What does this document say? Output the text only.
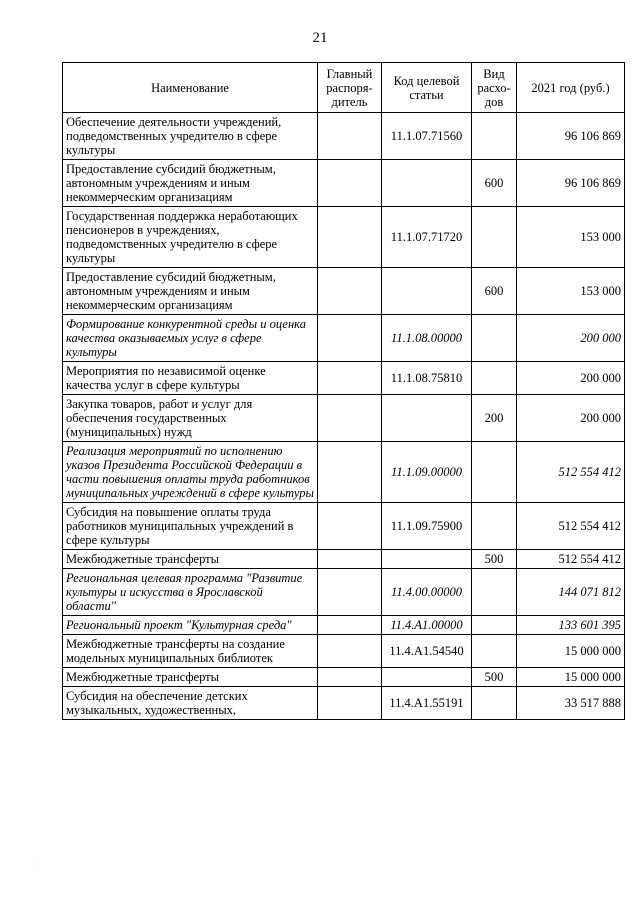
21
Наименование	Главный распоря-дитель	Код целевой статьи	Вид расхо-дов	2021 год (руб.)
Обеспечение деятельности учреждений, подведомственных учредителю в сфере культуры		11.1.07.71560		96 106 869
Предоставление субсидий бюджетным, автономным учреждениям и иным некоммерческим организациям			600	96 106 869
Государственная поддержка неработающих пенсионеров в учреждениях, подведомственных учредителю в сфере культуры		11.1.07.71720		153 000
Предоставление субсидий бюджетным, автономным учреждениям и иным некоммерческим организациям			600	153 000
Формирование конкурентной среды и оценка качества оказываемых услуг в сфере культуры		11.1.08.00000		200 000
Мероприятия по независимой оценке качества услуг в сфере культуры		11.1.08.75810		200 000
Закупка товаров, работ и услуг для обеспечения государственных (муниципальных) нужд			200	200 000
Реализация мероприятий по исполнению указов Президента Российской Федерации в части повышения оплаты труда работников муниципальных учреждений в сфере культуры		11.1.09.00000		512 554 412
Субсидия на повышение оплаты труда работников муниципальных учреждений в сфере культуры		11.1.09.75900		512 554 412
Межбюджетные трансферты			500	512 554 412
Региональная целевая программа "Развитие культуры и искусства в Ярославской области"		11.4.00.00000		144 071 812
Региональный проект "Культурная среда"		11.4.A1.00000		133 601 395
Межбюджетные трансферты на создание модельных муниципальных библиотек		11.4.A1.54540		15 000 000
Межбюджетные трансферты			500	15 000 000
Субсидия на обеспечение детских музыкальных, художественных,		11.4.A1.55191		33 517 888
·
